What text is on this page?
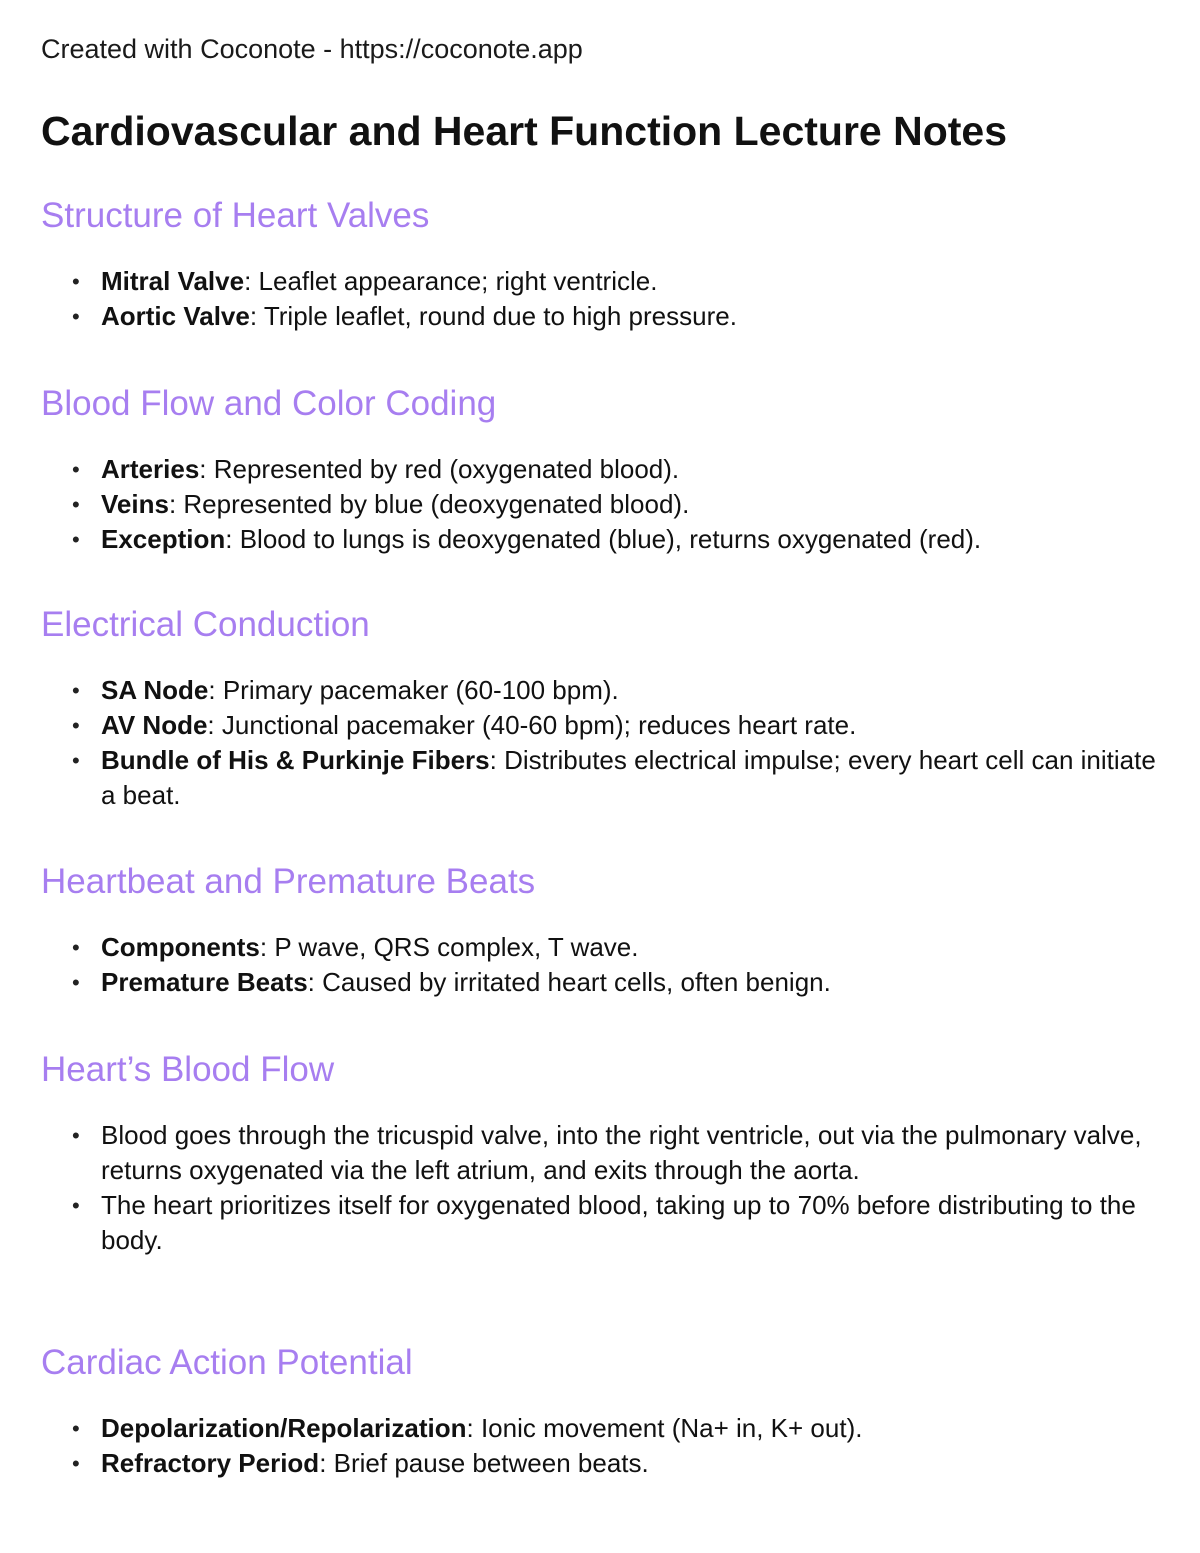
Created with Coconote - https://coconote.app
Cardiovascular and Heart Function Lecture Notes
Structure of Heart Valves
• Mitral Valve: Leaflet appearance; right ventricle.
• Aortic Valve: Triple leaflet, round due to high pressure.
Blood Flow and Color Coding
• Arteries: Represented by red (oxygenated blood).
• Veins: Represented by blue (deoxygenated blood).
• Exception: Blood to lungs is deoxygenated (blue), returns oxygenated (red).
Electrical Conduction
• SA Node: Primary pacemaker (60-100 bpm).
• AV Node: Junctional pacemaker (40-60 bpm); reduces heart rate.
• Bundle of His & Purkinje Fibers: Distributes electrical impulse; every heart cell can initiate a beat.
Heartbeat and Premature Beats
• Components: P wave, QRS complex, T wave.
• Premature Beats: Caused by irritated heart cells, often benign.
Heart’s Blood Flow
• Blood goes through the tricuspid valve, into the right ventricle, out via the pulmonary valve, returns oxygenated via the left atrium, and exits through the aorta.
• The heart prioritizes itself for oxygenated blood, taking up to 70% before distributing to the body.
Cardiac Action Potential
• Depolarization/Repolarization: Ionic movement (Na+ in, K+ out).
• Refractory Period: Brief pause between beats.
